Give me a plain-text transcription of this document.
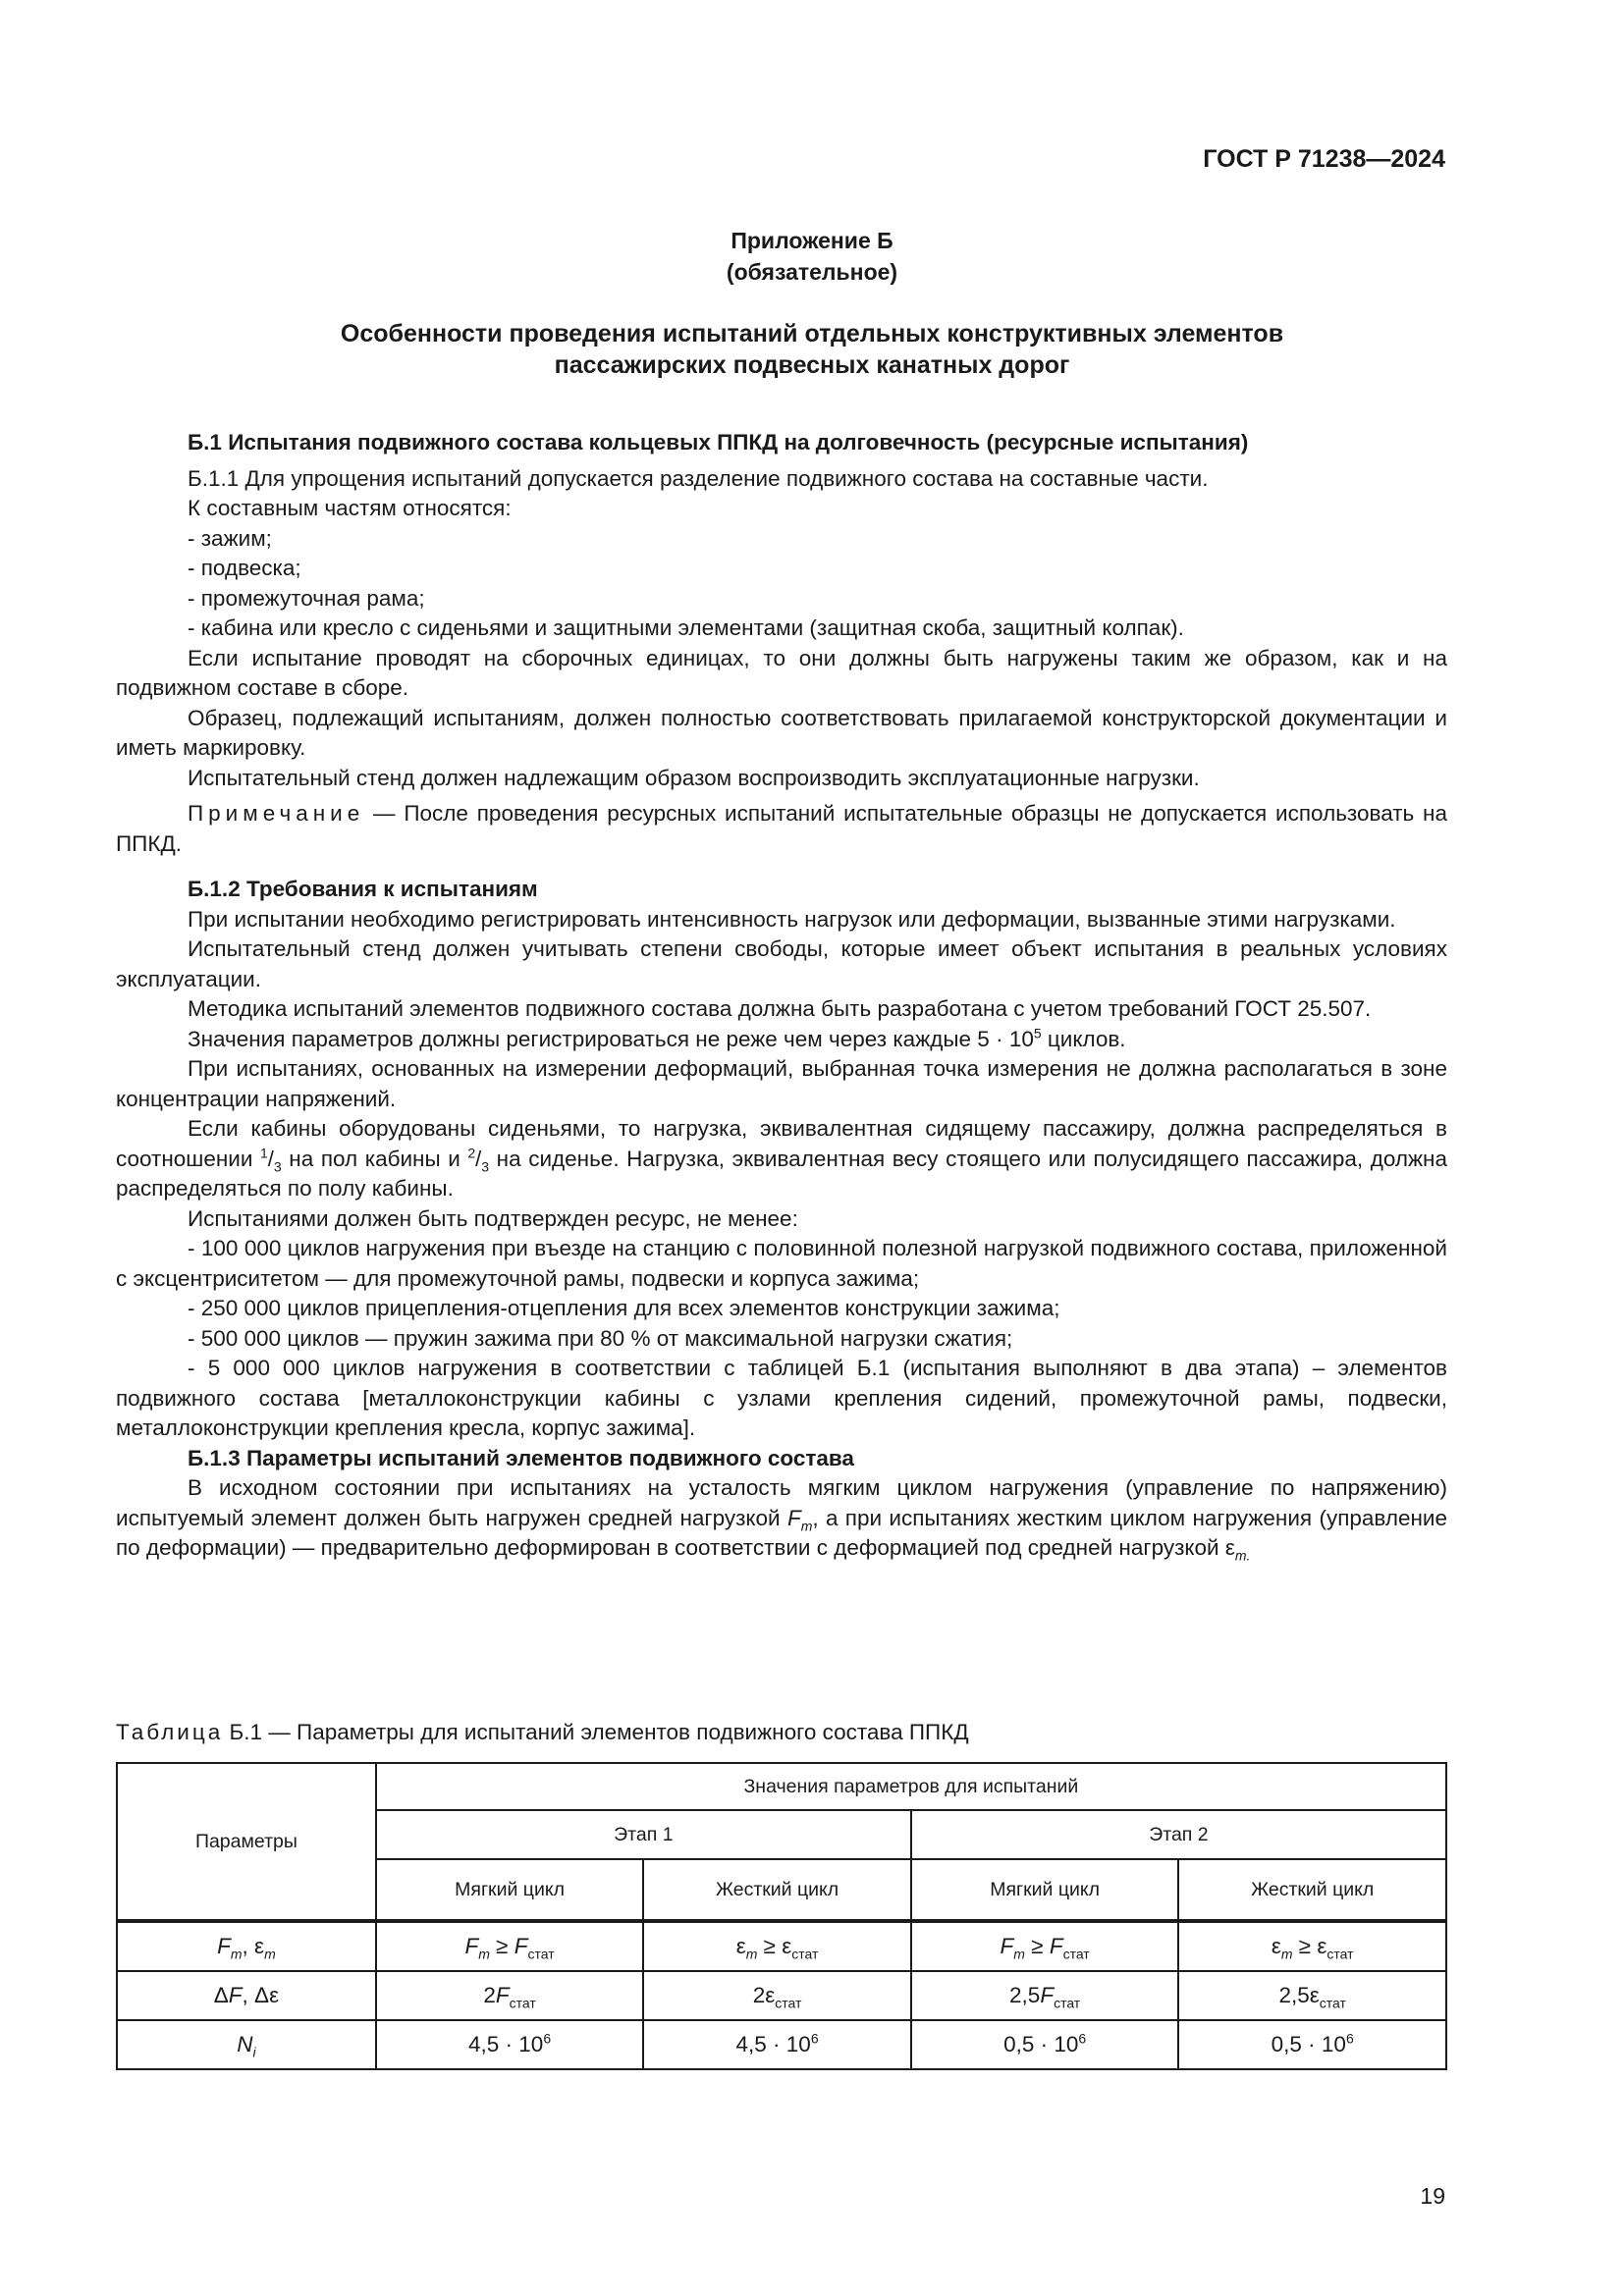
ГОСТ Р 71238—2024
Приложение Б
(обязательное)
Особенности проведения испытаний отдельных конструктивных элементов
пассажирских подвесных канатных дорог

Б.1 Испытания подвижного состава кольцевых ППКД на долговечность (ресурсные испытания)

Б.1.1 Для упрощения испытаний допускается разделение подвижного состава на составные части.

К составным частям относятся:

- зажим;

- подвеска;

- промежуточная рама;

- кабина или кресло с сиденьями и защитными элементами (защитная скоба, защитный колпак).

Если испытание проводят на сборочных единицах, то они должны быть нагружены таким же образом, как и на подвижном составе в сборе.

Образец, подлежащий испытаниям, должен полностью соответствовать прилагаемой конструкторской документации и иметь маркировку.

Испытательный стенд должен надлежащим образом воспроизводить эксплуатационные нагрузки.

Примечание — После проведения ресурсных испытаний испытательные образцы не допускается использовать на ППКД.

Б.1.2 Требования к испытаниям

При испытании необходимо регистрировать интенсивность нагрузок или деформации, вызванные этими нагрузками.

Испытательный стенд должен учитывать степени свободы, которые имеет объект испытания в реальных условиях эксплуатации.

Методика испытаний элементов подвижного состава должна быть разработана с учетом требований ГОСТ 25.507.

Значения параметров должны регистрироваться не реже чем через каждые $5 \cdot 10^5$ циклов.

При испытаниях, основанных на измерении деформаций, выбранная точка измерения не должна располагаться в зоне концентрации напряжений.

Если кабины оборудованы сиденьями, то нагрузка, эквивалентная сидящему пассажиру, должна распределяться в соотношении $^1/_3$ на пол кабины и $^2/_3$ на сиденье. Нагрузка, эквивалентная весу стоящего или полусидящего пассажира, должна распределяться по полу кабины.

Испытаниями должен быть подтвержден ресурс, не менее:

- 100 000 циклов нагружения при въезде на станцию с половинной полезной нагрузкой подвижного состава, приложенной с эксцентриситетом — для промежуточной рамы, подвески и корпуса зажима;

- 250 000 циклов прицепления-отцепления для всех элементов конструкции зажима;

- 500 000 циклов — пружин зажима при 80 % от максимальной нагрузки сжатия;

- 5 000 000 циклов нагружения в соответствии с таблицей Б.1 (испытания выполняют в два этапа) – элементов подвижного состава [металлоконструкции кабины с узлами крепления сидений, промежуточной рамы, подвески, металлоконструкции крепления кресла, корпус зажима].

Б.1.3 Параметры испытаний элементов подвижного состава

В исходном состоянии при испытаниях на усталость мягким циклом нагружения (управление по напряжению) испытуемый элемент должен быть нагружен средней нагрузкой $F_m$, а при испытаниях жестким циклом нагружения (управление по деформации) — предварительно деформирован в соответствии с деформацией под средней нагрузкой $\varepsilon_{m.}$

Таблица Б.1 — Параметры для испытаний элементов подвижного состава ППКД
Параметры	Значения параметров для испытаний			
	Этап 1		Этап 2	
	Мягкий цикл	Жесткий цикл	Мягкий цикл	Жесткий цикл
$F_m$, $\varepsilon_m$	$F_m \ge F_{стат}$	$\varepsilon_m \ge \varepsilon_{стат}$	$F_m \ge F_{стат}$	$\varepsilon_m \ge \varepsilon_{стат}$
ΔF, Δε	$2F_{стат}$	$2\varepsilon_{стат}$	$2,5F_{стат}$	$2,5\varepsilon_{стат}$
$N_i$	$4,5 \cdot 10^6$	$4,5 \cdot 10^6$	$0,5 \cdot 10^6$	$0,5 \cdot 10^6$
19
